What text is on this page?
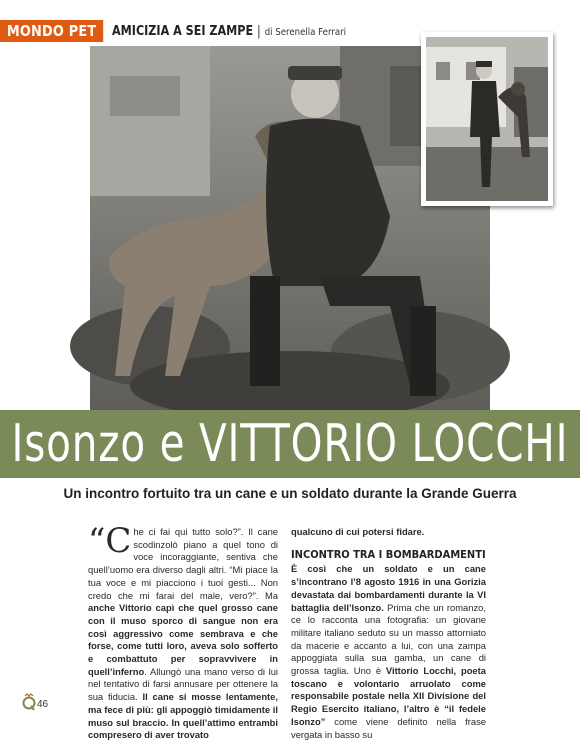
MONDO PET	AMICIZIA A SEI ZAMPE | di Serenella Ferrari
Isonzo e VITTORIO LOCCHI
Un incontro fortuito tra un cane e un soldato durante la Grande Guerra
“C he ci fai qui tutto solo?”. Il cane scodinzolò piano a quel tono di voce incoraggiante, sentiva che quell’uomo era diverso dagli altri. “Mi piace la tua voce e mi piacciono i tuoi gesti... Non credo che mi farai del male, vero?”. Ma anche Vittorio capì che quel grosso cane con il muso sporco di sangue non era così aggressivo come sembrava e che forse, come tutti loro, aveva solo sofferto e combattuto per sopravvivere in quell’inferno. Allungò una mano verso di lui nel tentativo di farsi annusare per ottenere la sua fiducia. Il cane si mosse lentamente, ma fece di più: gli appoggiò timidamente il muso sul braccio. In quell’attimo entrambi compresero di aver trovato
qualcuno di cui potersi fidare.
INCONTRO TRA I BOMBARDAMENTI
È così che un soldato e un cane s’incontrano l’8 agosto 1916 in una Gorizia devastata dai bombardamenti durante la VI battaglia dell’Isonzo. Prima che un romanzo, ce lo racconta una fotografia: un giovane militare italiano seduto su un masso attorniato da macerie e accanto a lui, con una zampa appoggiata sulla sua gamba, un cane di grossa taglia. Uno è Vittorio Locchi, poeta toscano e volontario arruolato come responsabile postale nella XII Divisione del Regio Esercito italiano, l’altro è “il fedele Isonzo” come viene definito nella frase vergata in basso su
46
